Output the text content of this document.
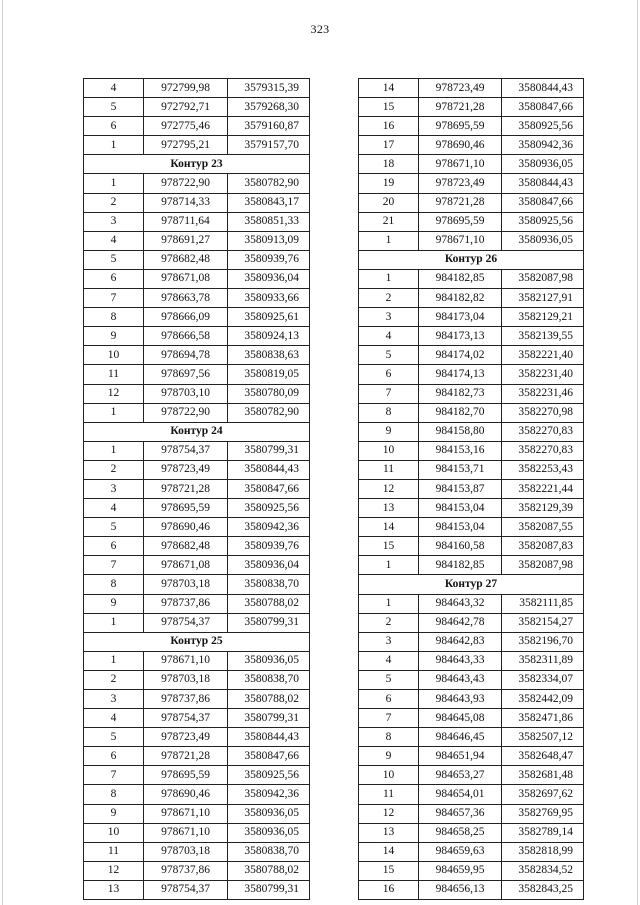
323
4	972799,98	3579315,39
5	972792,71	3579268,30
6	972775,46	3579160,87
1	972795,21	3579157,70
Контур 23		
1	978722,90	3580782,90
2	978714,33	3580843,17
3	978711,64	3580851,33
4	978691,27	3580913,09
5	978682,48	3580939,76
6	978671,08	3580936,04
7	978663,78	3580933,66
8	978666,09	3580925,61
9	978666,58	3580924,13
10	978694,78	3580838,63
11	978697,56	3580819,05
12	978703,10	3580780,09
1	978722,90	3580782,90
Контур 24		
1	978754,37	3580799,31
2	978723,49	3580844,43
3	978721,28	3580847,66
4	978695,59	3580925,56
5	978690,46	3580942,36
6	978682,48	3580939,76
7	978671,08	3580936,04
8	978703,18	3580838,70
9	978737,86	3580788,02
1	978754,37	3580799,31
Контур 25		
1	978671,10	3580936,05
2	978703,18	3580838,70
3	978737,86	3580788,02
4	978754,37	3580799,31
5	978723,49	3580844,43
6	978721,28	3580847,66
7	978695,59	3580925,56
8	978690,46	3580942,36
9	978671,10	3580936,05
10	978671,10	3580936,05
11	978703,18	3580838,70
12	978737,86	3580788,02
13	978754,37	3580799,31
14	978723,49	3580844,43
15	978721,28	3580847,66
16	978695,59	3580925,56
17	978690,46	3580942,36
18	978671,10	3580936,05
19	978723,49	3580844,43
20	978721,28	3580847,66
21	978695,59	3580925,56
1	978671,10	3580936,05
Контур 26		
1	984182,85	3582087,98
2	984182,82	3582127,91
3	984173,04	3582129,21
4	984173,13	3582139,55
5	984174,02	3582221,40
6	984174,13	3582231,40
7	984182,73	3582231,46
8	984182,70	3582270,98
9	984158,80	3582270,83
10	984153,16	3582270,83
11	984153,71	3582253,43
12	984153,87	3582221,44
13	984153,04	3582129,39
14	984153,04	3582087,55
15	984160,58	3582087,83
1	984182,85	3582087,98
Контур 27		
1	984643,32	3582111,85
2	984642,78	3582154,27
3	984642,83	3582196,70
4	984643,33	3582311,89
5	984643,43	3582334,07
6	984643,93	3582442,09
7	984645,08	3582471,86
8	984646,45	3582507,12
9	984651,94	3582648,47
10	984653,27	3582681,48
11	984654,01	3582697,62
12	984657,36	3582769,95
13	984658,25	3582789,14
14	984659,63	3582818,99
15	984659,95	3582834,52
16	984656,13	3582843,25
